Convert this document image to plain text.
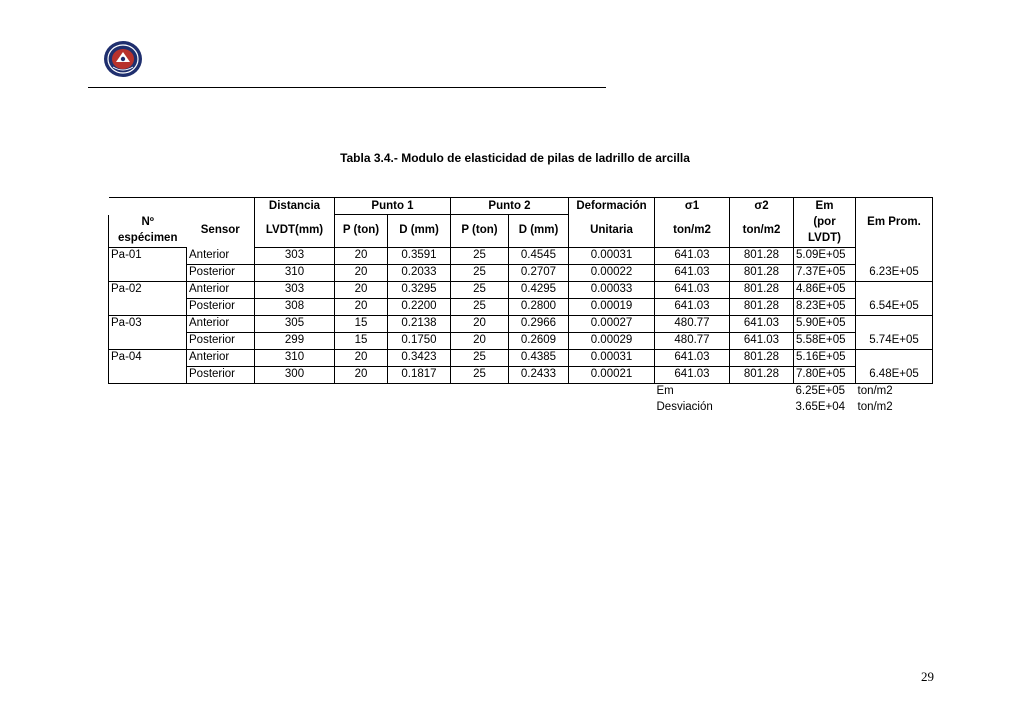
Tabla 3.4.- Modulo de elasticidad de pilas de ladrillo de arcilla
		Distancia	Punto 1		Punto 2		Deformación	σ1	σ2	Em	Em Prom.
Nº	Sensor	LVDT(mm)	P (ton)	D (mm)	P (ton)	D (mm)	Unitaria	ton/m2	ton/m2	(por	
espécimen										LVDT)	
Pa-01	Anterior	303	20	0.3591	25	0.4545	0.00031	641.03	801.28	5.09E+05	
	Posterior	310	20	0.2033	25	0.2707	0.00022	641.03	801.28	7.37E+05	6.23E+05
Pa-02	Anterior	303	20	0.3295	25	0.4295	0.00033	641.03	801.28	4.86E+05	
	Posterior	308	20	0.2200	25	0.2800	0.00019	641.03	801.28	8.23E+05	6.54E+05
Pa-03	Anterior	305	15	0.2138	20	0.2966	0.00027	480.77	641.03	5.90E+05	
	Posterior	299	15	0.1750	20	0.2609	0.00029	480.77	641.03	5.58E+05	5.74E+05
Pa-04	Anterior	310	20	0.3423	25	0.4385	0.00031	641.03	801.28	5.16E+05	
	Posterior	300	20	0.1817	25	0.2433	0.00021	641.03	801.28	7.80E+05	6.48E+05
								Em		6.25E+05	ton/m2
								Desviación		3.65E+04	ton/m2
29
